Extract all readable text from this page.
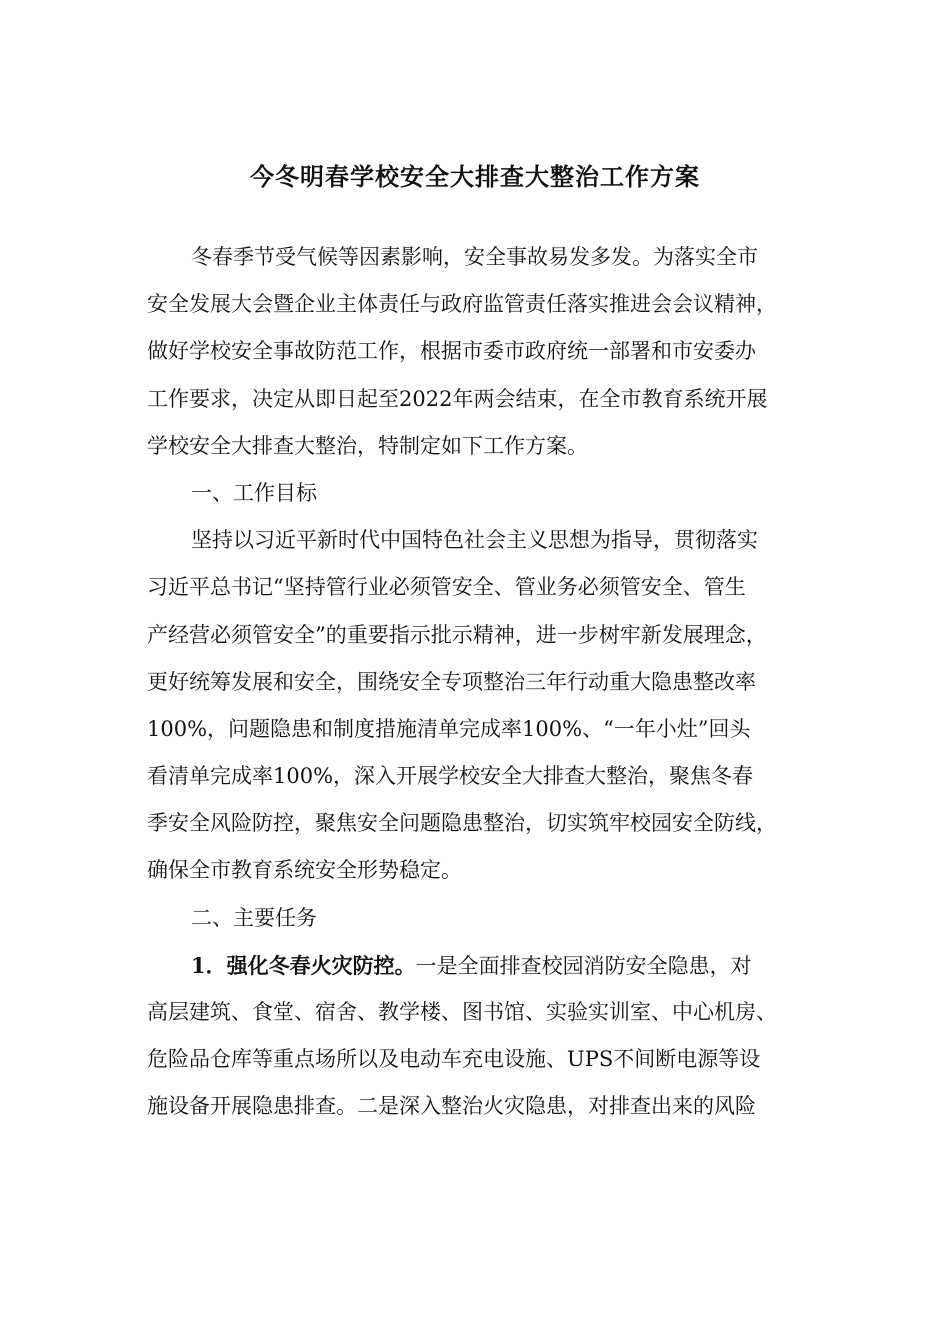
今冬明春学校安全大排查大整治工作方案
冬春季节受气候等因素影响，安全事故易发多发。为落实全市
安全发展大会暨企业主体责任与政府监管责任落实推进会会议精神，
做好学校安全事故防范工作，根据市委市政府统一部署和市安委办
工作要求，决定从即日起至2022年两会结束，在全市教育系统开展
学校安全大排查大整治，特制定如下工作方案。
一、工作目标
坚持以习近平新时代中国特色社会主义思想为指导，贯彻落实
习近平总书记“坚持管行业必须管安全、管业务必须管安全、管生
产经营必须管安全”的重要指示批示精神，进一步树牢新发展理念，
更好统筹发展和安全，围绕安全专项整治三年行动重大隐患整改率
100%，问题隐患和制度措施清单完成率100%、“一年小灶”回头
看清单完成率100%，深入开展学校安全大排查大整治，聚焦冬春
季安全风险防控，聚焦安全问题隐患整治，切实筑牢校园安全防线，
确保全市教育系统安全形势稳定。
二、主要任务
1．强化冬春火灾防控。一是全面排查校园消防安全隐患，对
高层建筑、食堂、宿舍、教学楼、图书馆、实验实训室、中心机房、
危险品仓库等重点场所以及电动车充电设施、UPS不间断电源等设
施设备开展隐患排查。二是深入整治火灾隐患，对排查出来的风险
